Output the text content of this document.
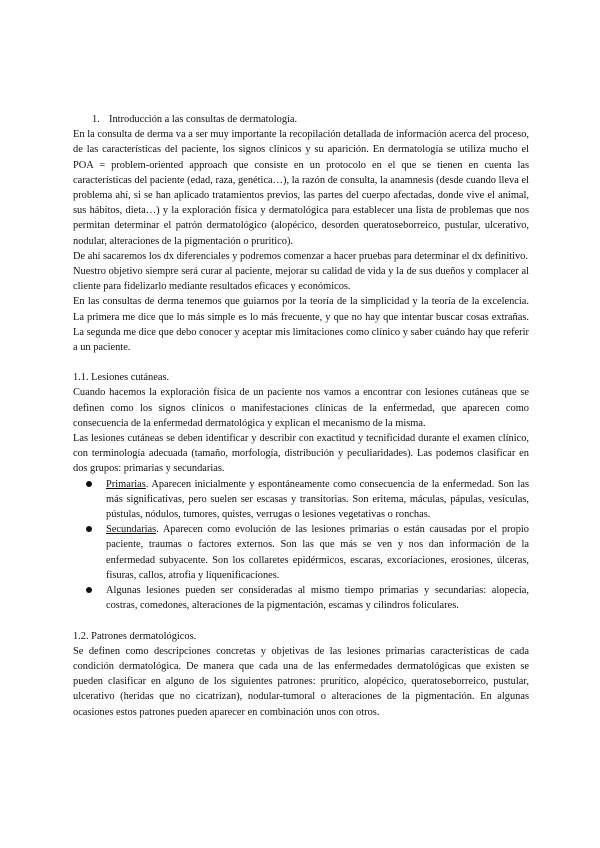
1. Introducción a las consultas de dermatología.

En la consulta de derma va a ser muy importante la recopilación detallada de información acerca del proceso, de las características del paciente, los signos clínicos y su aparición. En dermatología se utiliza mucho el POA = problem-oriented approach que consiste en un protocolo en el que se tienen en cuenta las características del paciente (edad, raza, genética…), la razón de consulta, la anamnesis (desde cuando lleva el problema ahí, si se han aplicado tratamientos previos, las partes del cuerpo afectadas, donde vive el animal, sus hábitos, dieta…) y la exploración física y dermatológica para establecer una lista de problemas que nos permitan determinar el patrón dermatológico (alopécico, desorden queratoseborreico, pustular, ulcerativo, nodular, alteraciones de la pigmentación o pruritico).

De ahí sacaremos los dx diferenciales y podremos comenzar a hacer pruebas para determinar el dx definitivo.

Nuestro objetivo siempre será curar al paciente, mejorar su calidad de vida y la de sus dueños y complacer al cliente para fidelizarlo mediante resultados eficaces y económicos.

En las consultas de derma tenemos que guiarnos por la teoría de la simplicidad y la teoría de la excelencia. La primera me dice que lo más simple es lo más frecuente, y que no hay que intentar buscar cosas extrañas. La segunda me dice que debo conocer y aceptar mis limitaciones como clínico y saber cuándo hay que referir a un paciente.

1.1. Lesiones cutáneas.

Cuando hacemos la exploración física de un paciente nos vamos a encontrar con lesiones cutáneas que se definen como los signos clínicos o manifestaciones clínicas de la enfermedad, que aparecen como consecuencia de la enfermedad dermatológica y explican el mecanismo de la misma.

Las lesiones cutáneas se deben identificar y describir con exactitud y tecnificidad durante el examen clínico, con terminología adecuada (tamaño, morfología, distribución y peculiaridades). Las podemos clasificar en dos grupos: primarias y secundarias.

Primarias. Aparecen inicialmente y espontáneamente como consecuencia de la enfermedad. Son las más significativas, pero suelen ser escasas y transitorias. Son eritema, máculas, pápulas, vesículas, pústulas, nódulos, tumores, quistes, verrugas o lesiones vegetativas o ronchas.
Secundarias. Aparecen como evolución de las lesiones primarias o están causadas por el propio paciente, traumas o factores externos. Son las que más se ven y nos dan información de la enfermedad subyacente. Son los collaretes epidérmicos, escaras, excoriaciones, erosiones, úlceras, fisuras, callos, atrofia y liquenificaciones.
Algunas lesiones pueden ser consideradas al mismo tiempo primarias y secundarias: alopecia, costras, comedones, alteraciones de la pigmentación, escamas y cilindros foliculares.

1.2. Patrones dermatológicos.

Se definen como descripciones concretas y objetivas de las lesiones primarias características de cada condición dermatológica. De manera que cada una de las enfermedades dermatológicas que existen se pueden clasificar en alguno de los siguientes patrones: prurítico, alopécico, queratoseborreico, pustular, ulcerativo (heridas que no cicatrizan), nodular-tumoral o alteraciones de la pigmentación. En algunas ocasiones estos patrones pueden aparecer en combinación unos con otros.
